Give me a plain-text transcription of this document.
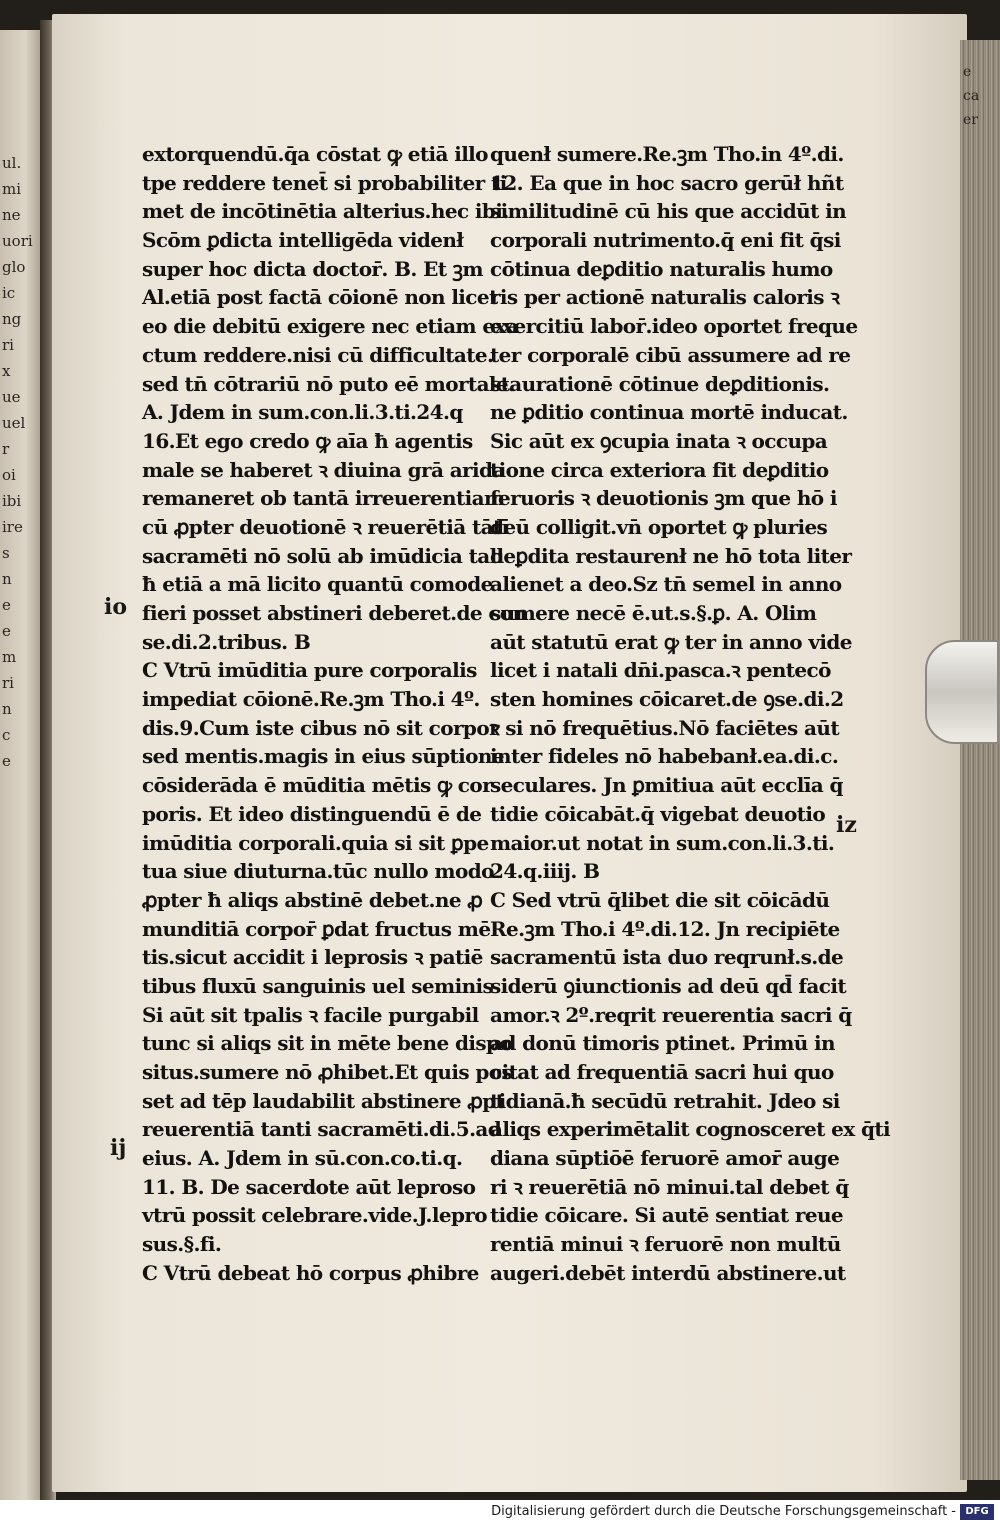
ul.
mi
ne
uori
glo
ic
ng
ri
x
ue
uel
r
oi
ibi
ire
s
n
e
e
m
ri
n
c
e
e
ca
er
extorquendū.q̄a cōstat ꝙ etiā illo
tpe reddere tenet̄ si probabiliter ti
met de incōtinētia alterius.hec ibi.
Scōm ꝑdicta intelligēda videnł
super hoc dicta doctor̄. B. Et ꝫm
Al.etiā post factā cōionē non licet
eo die debitū exigere nec etiam exa
ctum reddere.nisi cū difficultate.
sed tn̄ cōtrariū nō puto eē mortale.
A. Jdem in sum.con.li.3.ti.24.q
16.Et ego credo ꝙ aīa ħ agentis
male se haberet ꝛ diuina grā arida
remaneret ob tantā irreuerentiam
cū ꝓpter deuotionē ꝛ reuerētiā tātī
sacramēti nō solū ab imūdicia tali
ħ etiā a mā licito quantū comode
fieri posset abstineri deberet.de con
se.di.2.tribus. B
C Vtrū imūditia pure corporalis
impediat cōionē.Re.ꝫm Tho.i 4º.
dis.9.Cum iste cibus nō sit corpor
sed mentis.magis in eius sūptione
cōsiderāda ē mūditia mētis ꝙ cor
poris. Et ideo distinguendū ē de
imūditia corporali.quia si sit ꝑpe
tua siue diuturna.tūc nullo modo
ꝓpter ħ aliqs abstinē debet.ne ꝓ
munditiā corpor̄ ꝑdat fructus mē
tis.sicut accidit i leprosis ꝛ patiē
tibus fluxū sanguinis uel seminis
Si aūt sit tpalis ꝛ facile purgabil
tunc si aliqs sit in mēte bene dispo
situs.sumere nō ꝓhibet.Et quis pos
set ad tēp laudabilit abstinere ꝓpt
reuerentiā tanti sacramēti.di.5.ad
eius. A. Jdem in sū.con.co.ti.q.
11. B. De sacerdote aūt leproso
vtrū possit celebrare.vide.J.lepro
sus.§.fi.
C Vtrū debeat hō corpus ꝓhibre
quenł sumere.Re.ꝫm Tho.in 4º.di.
12. Ea que in hoc sacro gerūł hñt
similitudinē cū his que accidūt in
corporali nutrimento.q̄ eni fit q̄si
cōtinua deꝑditio naturalis humo
ris per actionē naturalis caloris ꝛ
exercitiū labor̄.ideo oportet freque
ter corporalē cibū assumere ad re
staurationē cōtinue deꝑditionis.
ne ꝑditio continua mortē inducat.
Sic aūt ex ꝯcupia inata ꝛ occupa
tione circa exteriora fit deꝑditio
feruoris ꝛ deuotionis ꝫm que hō i
deū colligit.vn̄ oportet ꝙ pluries
deꝑdita restaurenł ne hō tota liter
alienet a deo.Sz tn̄ semel in anno
sumere necē ē.ut.s.§.ꝑ. A. Olim
aūt statutū erat ꝙ ter in anno vide
licet i natali dn̄i.pasca.ꝛ pentecō
sten homines cōicaret.de ꝯse.di.2
ꝛ si nō frequētius.Nō faciētes aūt
inter fideles nō habebanł.ea.di.c.
seculares. Jn ꝑmitiua aūt ecclīa q̄
tidie cōicabāt.q̄ vigebat deuotio
maior.ut notat in sum.con.li.3.ti.
24.q.iiij. B
C Sed vtrū q̄libet die sit cōicādū
Re.ꝫm Tho.i 4º.di.12. Jn recipiēte
sacramentū ista duo reqrunł.s.de
siderū ꝯiunctionis ad deū qd̄ facit
amor.ꝛ 2º.reqrit reuerentia sacri q̄
ad donū timoris ptinet. Primū in
citat ad frequentiā sacri hui quo
tidianā.ħ secūdū retrahit. Jdeo si
aliqs experimētalit cognosceret ex q̄ti
diana sūptiōē feruorē amor̄ auge
ri ꝛ reuerētiā nō minui.tal debet q̄
tidie cōicare. Si autē sentiat reue
rentiā minui ꝛ feruorē non multū
augeri.debēt interdū abstinere.ut
io
ij
iz
Digitalisierung gefördert durch die Deutsche Forschungsgemeinschaft - DFG
